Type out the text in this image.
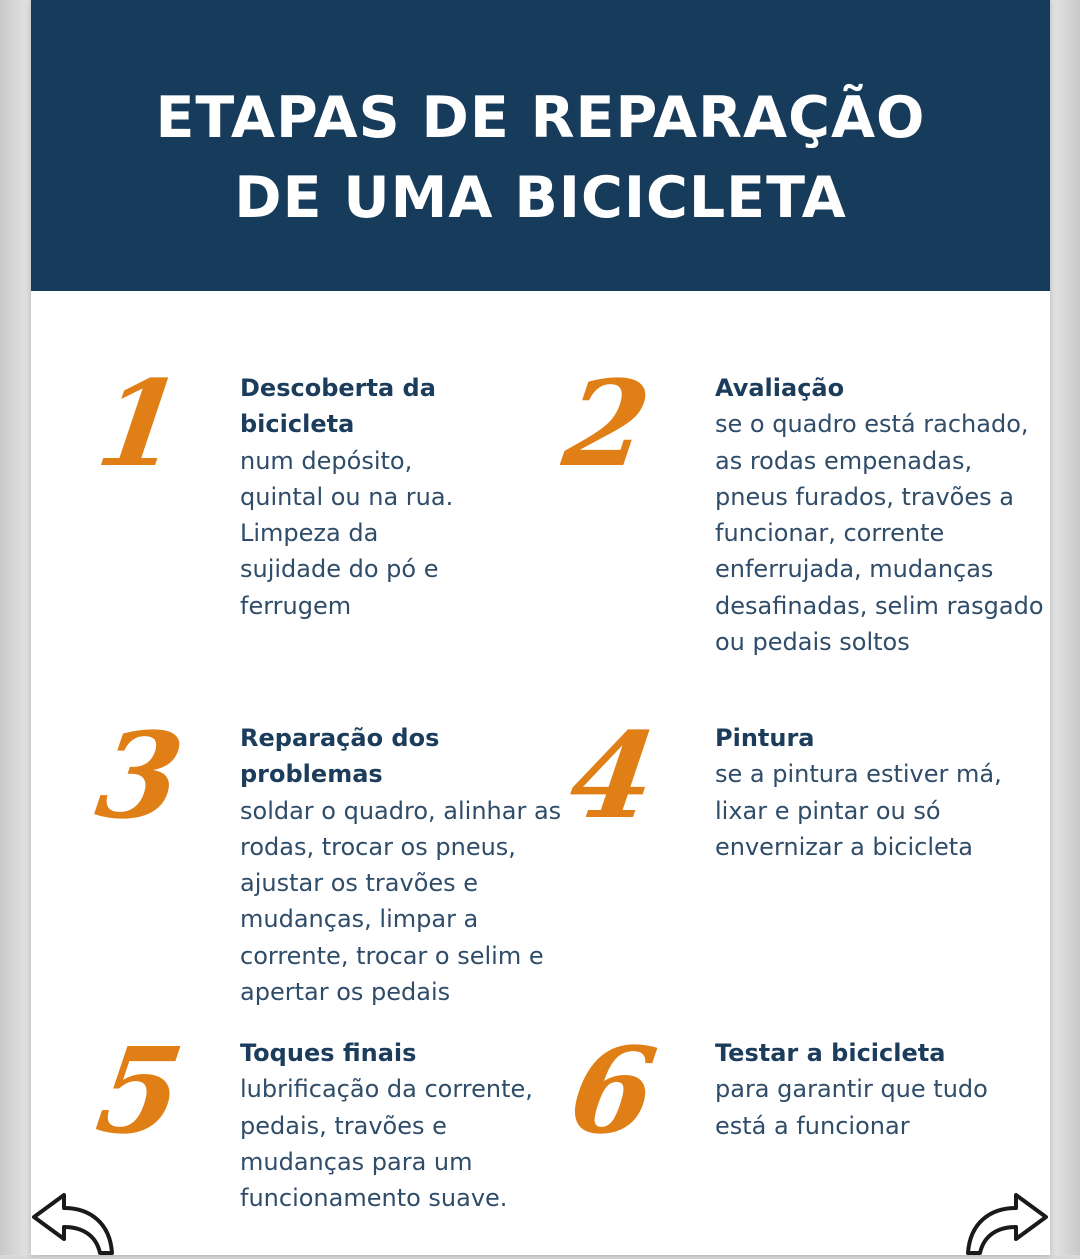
ETAPAS DE REPARAÇÃO
DE UMA BICICLETA
1 Descoberta da bicicleta
num depósito, quintal ou na rua. Limpeza da sujidade do pó e ferrugem
2 Avaliação
se o quadro está rachado, as rodas empenadas, pneus furados, travões a funcionar, corrente enferrujada, mudanças desafinadas, selim rasgado ou pedais soltos
3 Reparação dos problemas
soldar o quadro, alinhar as rodas, trocar os pneus, ajustar os travões e mudanças, limpar a corrente, trocar o selim e apertar os pedais
4 Pintura
se a pintura estiver má, lixar e pintar ou só envernizar a bicicleta
5 Toques finais
lubrificação da corrente, pedais, travões e mudanças para um funcionamento suave.
6 Testar a bicicleta
para garantir que tudo está a funcionar
